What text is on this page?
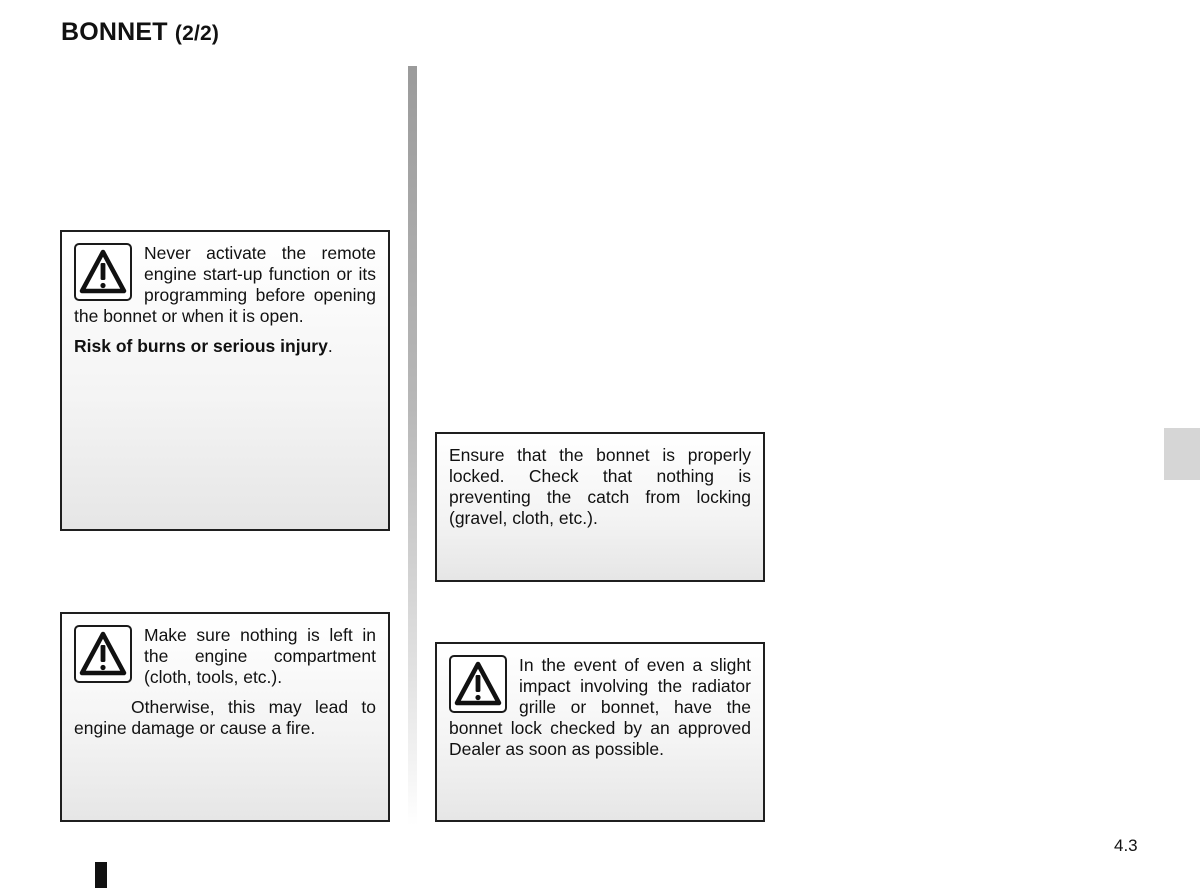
BONNET (2/2)

Never activate the remote engine start-up function or its programming before opening the bonnet or when it is open.

Risk of burns or serious injury.

Make sure nothing is left in the engine compartment (cloth, tools, etc.).

Otherwise, this may lead to engine damage or cause a fire.

Ensure that the bonnet is properly locked. Check that nothing is preventing the catch from locking (gravel, cloth, etc.).

In the event of even a slight impact involving the radiator grille or bonnet, have the bonnet lock checked by an approved Dealer as soon as possible.

4.3
